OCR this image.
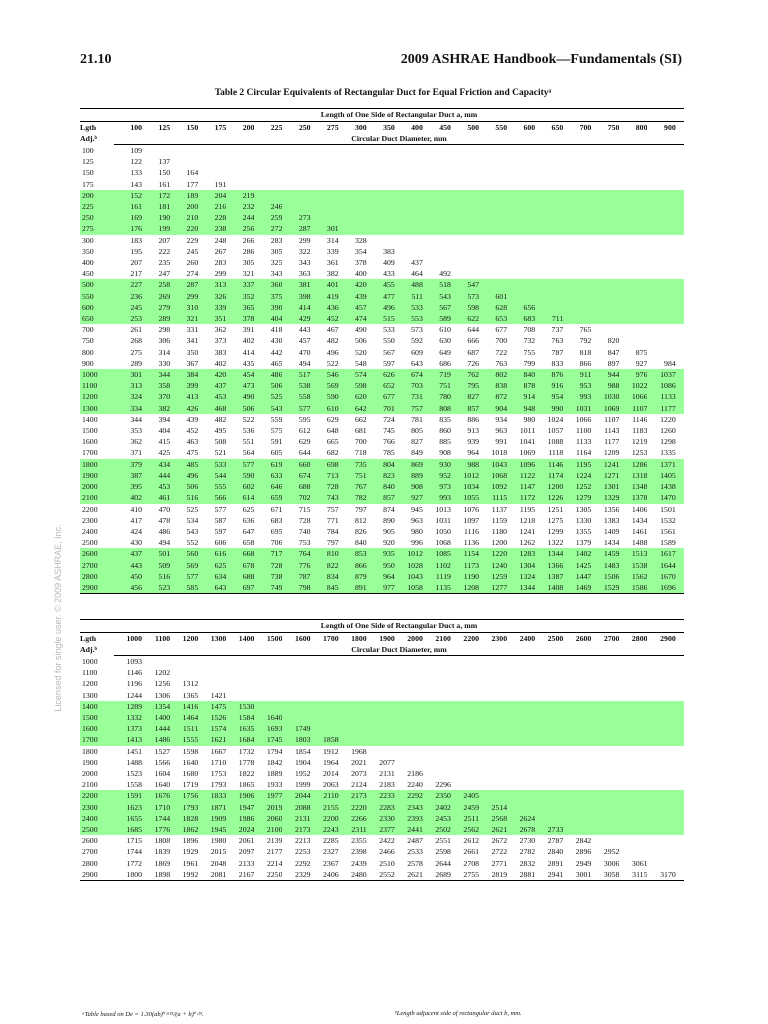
21.10	2009 ASHRAE Handbook—Fundamentals (SI)
Table 2 Circular Equivalents of Rectangular Duct for Equal Friction and Capacityᵃ
Licensed for single user. © 2009 ASHRAE, Inc.
	Length of One Side of Rectangular Duct a, mm																				
Lgth
Adj.ᵇ	100	125	150	175	200	225	250	275	300	350	400	450	500	550	600	650	700	750	800	900	
	Circular Duct Diameter, mm																				
100	109																				
125	122	137																			
150	133	150	164																		
175	143	161	177	191																	
200	152	172	189	204	219																
225	161	181	200	216	232	246															
250	169	190	210	228	244	259	273														
275	176	199	220	238	256	272	287	301													
300	183	207	229	248	266	283	299	314	328												
350	195	222	245	267	286	305	322	339	354	383											
400	207	235	260	283	305	325	343	361	378	409	437										
450	217	247	274	299	321	343	363	382	400	433	464	492									
500	227	258	287	313	337	360	381	401	420	455	488	518	547								
550	236	269	299	326	352	375	398	419	439	477	511	543	573	601							
600	245	279	310	339	365	390	414	436	457	496	533	567	598	628	656						
650	253	289	321	351	378	404	429	452	474	515	553	589	622	653	683	711					
700	261	298	331	362	391	418	443	467	490	533	573	610	644	677	708	737	765				
750	268	306	341	373	402	430	457	482	506	550	592	630	666	700	732	763	792	820			
800	275	314	350	383	414	442	470	496	520	567	609	649	687	722	755	787	818	847	875		
900	289	330	367	402	435	465	494	522	548	597	643	686	726	763	799	833	866	897	927	984	
1000	301	344	384	420	454	486	517	546	574	626	674	719	762	802	840	876	911	944	976	1037	
1100	313	358	399	437	473	506	538	569	598	652	703	751	795	838	878	916	953	988	1022	1086	
1200	324	370	413	453	490	525	558	590	620	677	731	780	827	872	914	954	993	1030	1066	1133	
1300	334	382	426	468	506	543	577	610	642	701	757	808	857	904	948	990	1031	1069	1107	1177	
1400	344	394	439	482	522	559	595	629	662	724	781	835	886	934	980	1024	1066	1107	1146	1220	
1500	353	404	452	495	536	575	612	648	681	745	805	860	913	963	1011	1057	1100	1143	1183	1260	
1600	362	415	463	508	551	591	629	665	700	766	827	885	939	991	1041	1088	1133	1177	1219	1298	
1700	371	425	475	521	564	605	644	682	718	785	849	908	964	1018	1069	1118	1164	1209	1253	1335	
1800	379	434	485	533	577	619	660	698	735	804	869	930	988	1043	1096	1146	1195	1241	1286	1371	
1900	387	444	496	544	590	633	674	713	751	823	889	952	1012	1068	1122	1174	1224	1271	1318	1405	
2000	395	453	506	555	602	646	688	728	767	840	908	973	1034	1092	1147	1200	1252	1301	1348	1438	
2100	402	461	516	566	614	659	702	743	782	857	927	993	1055	1115	1172	1226	1279	1329	1378	1470	
2200	410	470	525	577	625	671	715	757	797	874	945	1013	1076	1137	1195	1251	1305	1356	1406	1501	
2300	417	478	534	587	636	683	728	771	812	890	963	1031	1097	1159	1218	1275	1330	1383	1434	1532	
2400	424	486	543	597	647	695	740	784	826	905	980	1050	1116	1180	1241	1299	1355	1409	1461	1561	
2500	430	494	552	606	658	706	753	797	840	920	996	1068	1136	1200	1262	1322	1379	1434	1488	1589	
2600	437	501	560	616	668	717	764	810	853	935	1012	1085	1154	1220	1283	1344	1402	1459	1513	1617	
2700	443	509	569	625	678	728	776	822	866	950	1028	1102	1173	1240	1304	1366	1425	1483	1538	1644	
2800	450	516	577	634	688	738	787	834	879	964	1043	1119	1190	1259	1324	1387	1447	1506	1562	1670	
2900	456	523	585	643	697	749	798	845	891	977	1058	1135	1208	1277	1344	1408	1469	1529	1586	1696	
	Length of One Side of Rectangular Duct a, mm																				
Lgth
Adj.ᵇ	1000	1100	1200	1300	1400	1500	1600	1700	1800	1900	2000	2100	2200	2300	2400	2500	2600	2700	2800	2900	
	Circular Duct Diameter, mm																				
1000	1093																				
1100	1146	1202																			
1200	1196	1256	1312																		
1300	1244	1306	1365	1421																	
1400	1289	1354	1416	1475	1530																
1500	1332	1400	1464	1526	1584	1640															
1600	1373	1444	1511	1574	1635	1693	1749														
1700	1413	1486	1555	1621	1684	1745	1803	1858													
1800	1451	1527	1598	1667	1732	1794	1854	1912	1968												
1900	1488	1566	1640	1710	1778	1842	1904	1964	2021	2077											
2000	1523	1604	1680	1753	1822	1889	1952	2014	2073	2131	2186										
2100	1558	1640	1719	1793	1865	1933	1999	2063	2124	2183	2240	2296									
2200	1591	1676	1756	1833	1906	1977	2044	2110	2173	2233	2292	2350	2405								
2300	1623	1710	1793	1871	1947	2019	2088	2155	2220	2283	2343	2402	2459	2514							
2400	1655	1744	1828	1909	1986	2060	2131	2200	2266	2330	2393	2453	2511	2568	2624						
2500	1685	1776	1862	1945	2024	2100	2173	2243	2311	2377	2441	2502	2562	2621	2678	2733					
2600	1715	1808	1896	1980	2061	2139	2213	2285	2355	2422	2487	2551	2612	2672	2730	2787	2842				
2700	1744	1839	1929	2015	2097	2177	2253	2327	2398	2466	2533	2598	2661	2722	2782	2840	2896	2952			
2800	1772	1869	1961	2048	2133	2214	2292	2367	2439	2510	2578	2644	2708	2771	2832	2891	2949	3006	3061		
2900	1800	1898	1992	2081	2167	2250	2329	2406	2480	2552	2621	2689	2755	2819	2881	2941	3001	3058	3115	3170	
ᵃTable based on De = 1.30(ab)⁰·⁶²⁵/(a + b)⁰·²⁵.	ᵇLength adjacent side of rectangular duct b, mm.
